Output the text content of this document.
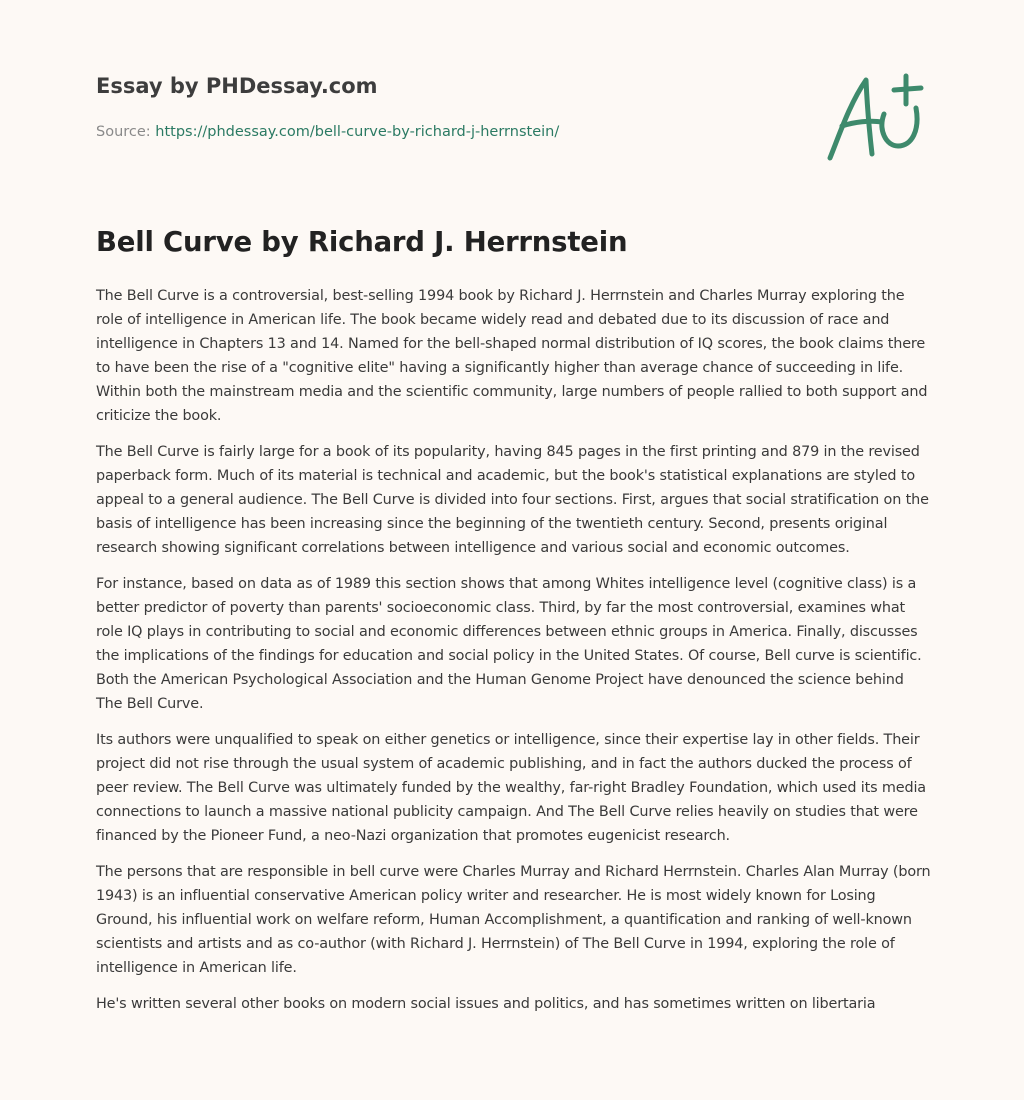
Essay by PHDessay.com
Source: https://phdessay.com/bell-curve-by-richard-j-herrnstein/
Bell Curve by Richard J. Herrnstein

The Bell Curve is a controversial, best-selling 1994 book by Richard J. Herrnstein and Charles Murray exploring the role of intelligence in American life. The book became widely read and debated due to its discussion of race and intelligence in Chapters 13 and 14. Named for the bell-shaped normal distribution of IQ scores, the book claims there to have been the rise of a "cognitive elite" having a significantly higher than average chance of succeeding in life. Within both the mainstream media and the scientific community, large numbers of people rallied to both support and criticize the book.

The Bell Curve is fairly large for a book of its popularity, having 845 pages in the first printing and 879 in the revised paperback form. Much of its material is technical and academic, but the book's statistical explanations are styled to appeal to a general audience. The Bell Curve is divided into four sections. First, argues that social stratification on the basis of intelligence has been increasing since the beginning of the twentieth century. Second, presents original research showing significant correlations between intelligence and various social and economic outcomes.

For instance, based on data as of 1989 this section shows that among Whites intelligence level (cognitive class) is a better predictor of poverty than parents' socioeconomic class. Third, by far the most controversial, examines what role IQ plays in contributing to social and economic differences between ethnic groups in America. Finally, discusses the implications of the findings for education and social policy in the United States. Of course, Bell curve is scientific. Both the American Psychological Association and the Human Genome Project have denounced the science behind The Bell Curve.

Its authors were unqualified to speak on either genetics or intelligence, since their expertise lay in other fields. Their project did not rise through the usual system of academic publishing, and in fact the authors ducked the process of peer review. The Bell Curve was ultimately funded by the wealthy, far-right Bradley Foundation, which used its media connections to launch a massive national publicity campaign. And The Bell Curve relies heavily on studies that were financed by the Pioneer Fund, a neo-Nazi organization that promotes eugenicist research.

The persons that are responsible in bell curve were Charles Murray and Richard Herrnstein. Charles Alan Murray (born 1943) is an influential conservative American policy writer and researcher. He is most widely known for Losing Ground, his influential work on welfare reform, Human Accomplishment, a quantification and ranking of well-known scientists and artists and as co-author (with Richard J. Herrnstein) of The Bell Curve in 1994, exploring the role of intelligence in American life.

He's written several other books on modern social issues and politics, and has sometimes written on libertaria
